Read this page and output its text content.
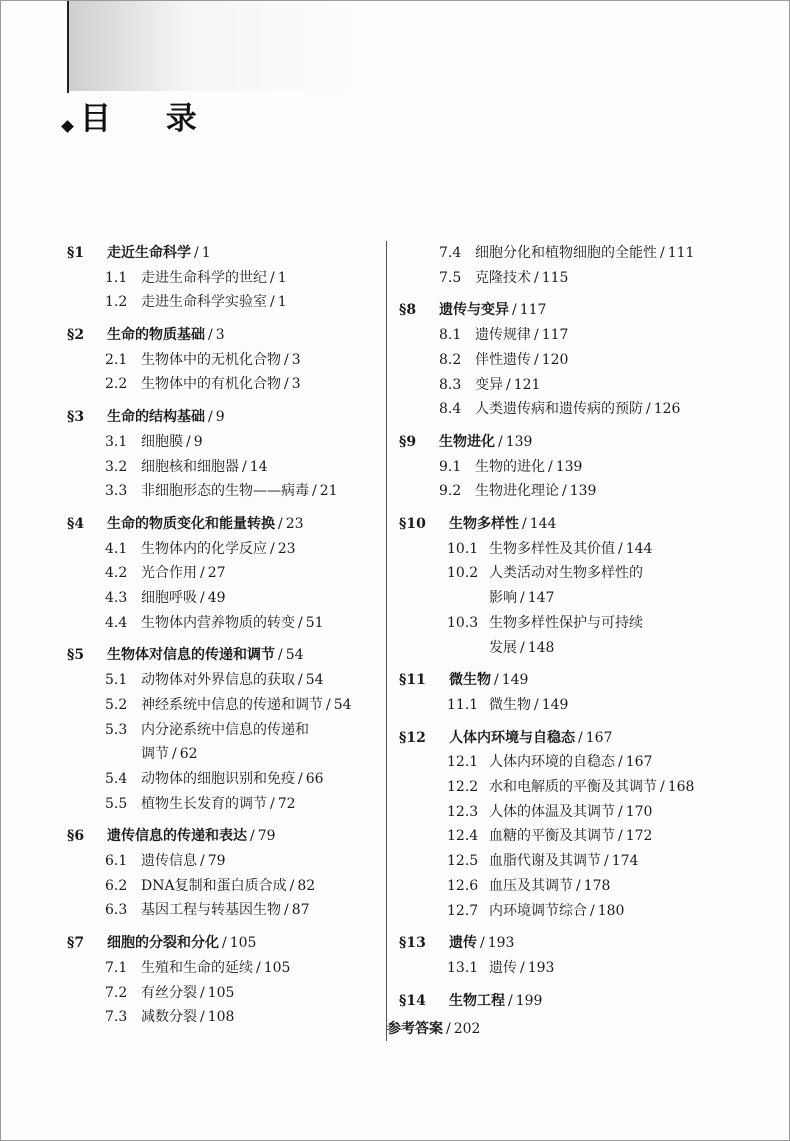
目 录
§1 走近生命科学 / 1
1.1 走进生命科学的世纪 / 1
1.2 走进生命科学实验室 / 1
§2 生命的物质基础 / 3
2.1 生物体中的无机化合物 / 3
2.2 生物体中的有机化合物 / 3
§3 生命的结构基础 / 9
3.1 细胞膜 / 9
3.2 细胞核和细胞器 / 14
3.3 非细胞形态的生物——病毒 / 21
§4 生命的物质变化和能量转换 / 23
4.1 生物体内的化学反应 / 23
4.2 光合作用 / 27
4.3 细胞呼吸 / 49
4.4 生物体内营养物质的转变 / 51
§5 生物体对信息的传递和调节 / 54
5.1 动物体对外界信息的获取 / 54
5.2 神经系统中信息的传递和调节 / 54
5.3 内分泌系统中信息的传递和
调节 / 62
5.4 动物体的细胞识别和免疫 / 66
5.5 植物生长发育的调节 / 72
§6 遗传信息的传递和表达 / 79
6.1 遗传信息 / 79
6.2 DNA复制和蛋白质合成 / 82
6.3 基因工程与转基因生物 / 87
§7 细胞的分裂和分化 / 105
7.1 生殖和生命的延续 / 105
7.2 有丝分裂 / 105
7.3 减数分裂 / 108
7.4 细胞分化和植物细胞的全能性 / 111
7.5 克隆技术 / 115
§8 遗传与变异 / 117
8.1 遗传规律 / 117
8.2 伴性遗传 / 120
8.3 变异 / 121
8.4 人类遗传病和遗传病的预防 / 126
§9 生物进化 / 139
9.1 生物的进化 / 139
9.2 生物进化理论 / 139
§10 生物多样性 / 144
10.1 生物多样性及其价值 / 144
10.2 人类活动对生物多样性的
影响 / 147
10.3 生物多样性保护与可持续
发展 / 148
§11 微生物 / 149
11.1 微生物 / 149
§12 人体内环境与自稳态 / 167
12.1 人体内环境的自稳态 / 167
12.2 水和电解质的平衡及其调节 / 168
12.3 人体的体温及其调节 / 170
12.4 血糖的平衡及其调节 / 172
12.5 血脂代谢及其调节 / 174
12.6 血压及其调节 / 178
12.7 内环境调节综合 / 180
§13 遗传 / 193
13.1 遗传 / 193
§14 生物工程 / 199
参考答案 / 202
